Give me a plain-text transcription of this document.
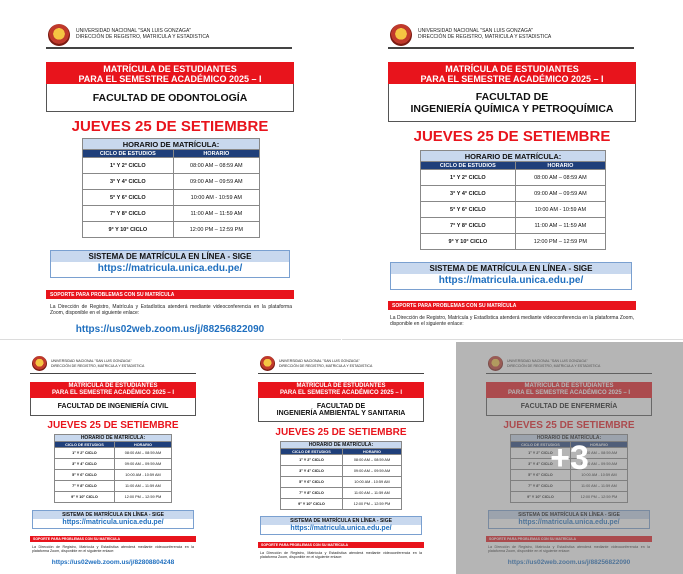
UNIVERSIDAD NACIONAL "SAN LUIS GONZAGA"
DIRECCIÓN DE REGISTRO, MATRICULA Y ESTADISTICA
MATRÍCULA DE ESTUDIANTES
PARA EL SEMESTRE ACADÉMICO 2025 – I
FACULTAD DE ODONTOLOGÍA
JUEVES 25 DE SETIEMBRE
HORARIO DE MATRÍCULA:	
CICLO DE ESTUDIOS	HORARIO
1° Y 2° CICLO	08:00 AM – 08:59 AM
3° Y 4° CICLO	09:00 AM – 09:59 AM
5° Y 6° CICLO	10:00 AM - 10:59 AM
7° Y 8° CICLO	11:00 AM – 11:59 AM
9° Y 10° CICLO	12:00 PM – 12:59 PM
SISTEMA DE MATRÍCULA EN LÍNEA - SIGE
https://matricula.unica.edu.pe/
SOPORTE PARA PROBLEMAS CON SU MATRÍCULA
La Dirección de Registro, Matrícula y Estadística atenderá mediante videoconferencia en la plataforma Zoom, disponible en el siguiente enlace:
https://us02web.zoom.us/j/88256822090
UNIVERSIDAD NACIONAL "SAN LUIS GONZAGA"
DIRECCIÓN DE REGISTRO, MATRICULA Y ESTADISTICA
MATRÍCULA DE ESTUDIANTES
PARA EL SEMESTRE ACADÉMICO 2025 – I
FACULTAD DE
INGENIERÍA QUÍMICA Y PETROQUÍMICA
JUEVES 25 DE SETIEMBRE
HORARIO DE MATRÍCULA:	
CICLO DE ESTUDIOS	HORARIO
1° Y 2° CICLO	08:00 AM – 08:59 AM
3° Y 4° CICLO	09:00 AM – 09:59 AM
5° Y 6° CICLO	10:00 AM - 10:59 AM
7° Y 8° CICLO	11:00 AM – 11:59 AM
9° Y 10° CICLO	12:00 PM – 12:59 PM
SISTEMA DE MATRÍCULA EN LÍNEA - SIGE
https://matricula.unica.edu.pe/
SOPORTE PARA PROBLEMAS CON SU MATRÍCULA
La Dirección de Registro, Matrícula y Estadística atenderá mediante videoconferencia en la plataforma Zoom, disponible en el siguiente enlace:
UNIVERSIDAD NACIONAL "SAN LUIS GONZAGA"
DIRECCIÓN DE REGISTRO, MATRICULA Y ESTADISTICA
MATRÍCULA DE ESTUDIANTES
PARA EL SEMESTRE ACADÉMICO 2025 – I
FACULTAD DE INGENIERÍA CIVIL
JUEVES 25 DE SETIEMBRE
HORARIO DE MATRÍCULA:	
CICLO DE ESTUDIOS	HORARIO
1° Y 2° CICLO	08:00 AM – 08:59 AM
3° Y 4° CICLO	09:00 AM – 09:59 AM
5° Y 6° CICLO	10:00 AM - 10:59 AM
7° Y 8° CICLO	11:00 AM – 11:59 AM
9° Y 10° CICLO	12:00 PM – 12:59 PM
SISTEMA DE MATRÍCULA EN LÍNEA - SIGE
https://matricula.unica.edu.pe/
SOPORTE PARA PROBLEMAS CON SU MATRÍCULA
La Dirección de Registro, Matrícula y Estadística atenderá mediante videoconferencia en la plataforma Zoom, disponible en el siguiente enlace:
https://us02web.zoom.us/j/82808804248
UNIVERSIDAD NACIONAL "SAN LUIS GONZAGA"
DIRECCIÓN DE REGISTRO, MATRICULA Y ESTADISTICA
MATRÍCULA DE ESTUDIANTES
PARA EL SEMESTRE ACADÉMICO 2025 – I
FACULTAD DE
INGENIERÍA AMBIENTAL Y SANITARIA
JUEVES 25 DE SETIEMBRE
HORARIO DE MATRÍCULA:	
CICLO DE ESTUDIOS	HORARIO
1° Y 2° CICLO	08:00 AM – 08:59 AM
3° Y 4° CICLO	09:00 AM – 09:59 AM
5° Y 6° CICLO	10:00 AM - 10:59 AM
7° Y 8° CICLO	11:00 AM – 11:59 AM
9° Y 10° CICLO	12:00 PM – 12:59 PM
SISTEMA DE MATRÍCULA EN LÍNEA - SIGE
https://matricula.unica.edu.pe/
SOPORTE PARA PROBLEMAS CON SU MATRÍCULA
La Dirección de Registro, Matrícula y Estadística atenderá mediante videoconferencia en la plataforma Zoom, disponible en el siguiente enlace:

+3
